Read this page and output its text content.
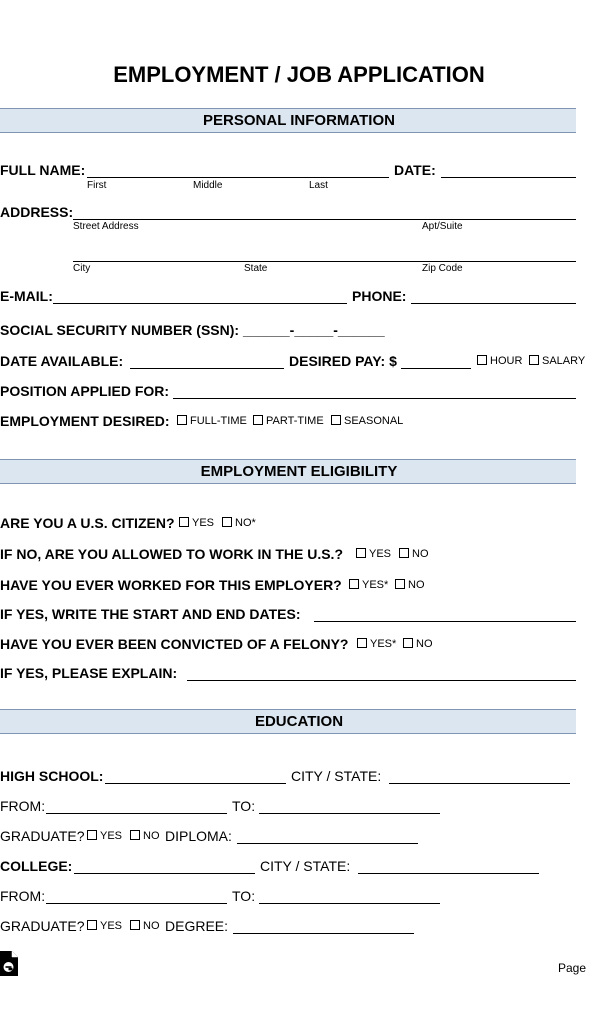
EMPLOYMENT / JOB APPLICATION
PERSONAL INFORMATION
FULL NAME:	DATE:
First	Middle	Last
ADDRESS:
Street Address	Apt/Suite
City	State	Zip Code
E-MAIL:	PHONE:
SOCIAL SECURITY NUMBER (SSN): ______-_____-______
DATE AVAILABLE:	DESIRED PAY: $	HOUR	SALARY
POSITION APPLIED FOR:
EMPLOYMENT DESIRED:	FULL-TIME	PART-TIME	SEASONAL
EMPLOYMENT ELIGIBILITY
ARE YOU A U.S. CITIZEN?	YES	NO*
IF NO, ARE YOU ALLOWED TO WORK IN THE U.S.?	YES	NO
HAVE YOU EVER WORKED FOR THIS EMPLOYER?	YES*	NO
IF YES, WRITE THE START AND END DATES:
HAVE YOU EVER BEEN CONVICTED OF A FELONY?	YES*	NO
IF YES, PLEASE EXPLAIN:
EDUCATION
HIGH SCHOOL:	CITY / STATE:
FROM:	TO:
GRADUATE?	YES	NO DIPLOMA:
COLLEGE:	CITY / STATE:
FROM:	TO:
GRADUATE?	YES	NO DEGREE:
Page
